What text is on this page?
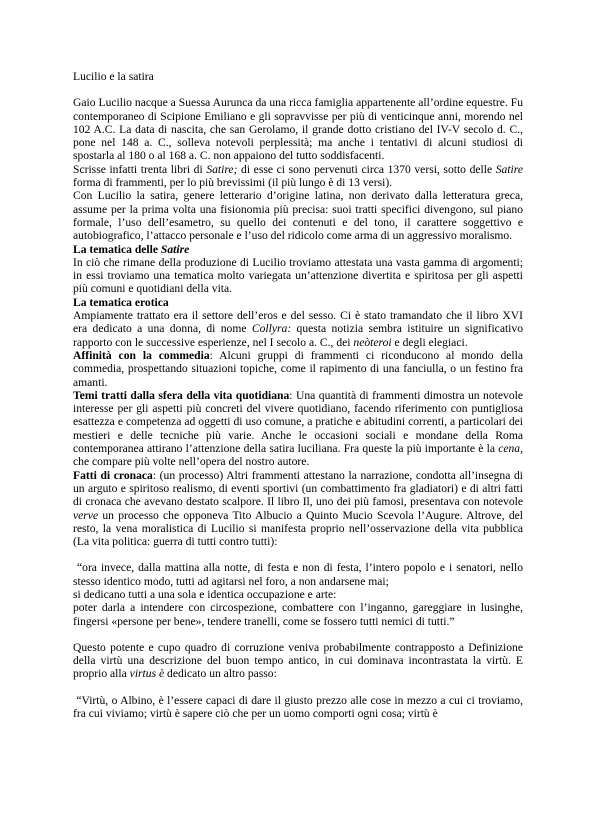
Lucilio e la satira

Gaio Lucilio nacque a Suessa Aurunca da una ricca famiglia appartenente all’ordine equestre. Fu contemporaneo di Scipione Emiliano e gli sopravvisse per più di venticinque anni, morendo nel 102 A.C. La data di nascita, che san Gerolamo, il grande dotto cristiano del IV-V secolo d. C., pone nel 148 a. C., solleva notevoli perplessità; ma anche i tentativi di alcuni studiosi di spostarla al 180 o al 168 a. C. non appaiono del tutto soddisfacenti.

Scrisse infatti trenta libri di Satire; di esse ci sono pervenuti circa 1370 versi, sotto delle Satire forma di frammenti, per lo più brevissimi (il più lungo è di 13 versi).

Con Lucilio la satira, genere letterario d’origine latina, non derivato dalla letteratura greca, assume per la prima volta una fisionomia più precisa: suoi tratti specifici divengono, sul piano formale, l’uso dell’esametro, su quello dei contenuti e del tono, il carattere soggettivo e autobiografico, l’attacco personale e l’uso del ridicolo come arma di un aggressivo moralismo.

La tematica delle Satire

In ciò che rimane della produzione di Lucilio troviamo attestata una vasta gamma di argomenti; in essi troviamo una tematica molto variegata un’attenzione divertita e spiritosa per gli aspetti più comuni e quotidiani della vita.

La tematica erotica

Ampiamente trattato era il settore dell’eros e del sesso. Ci è stato tramandato che il libro XVI era dedicato a una donna, di nome Collyra: questa notizia sembra istituire un significativo rapporto con le successive esperienze, nel I secolo a. C., dei neòteroi e degli elegiaci.

Affinità con la commedia: Alcuni gruppi di frammenti ci riconducono al mondo della commedia, prospettando situazioni topiche, come il rapimento di una fanciulla, o un festino fra amanti.

Temi tratti dalla sfera della vita quotidiana: Una quantità di frammenti dimostra un notevole interesse per gli aspetti più concreti del vivere quotidiano, facendo riferimento con puntigliosa esattezza e competenza ad oggetti di uso comune, a pratiche e abitudini correnti, a particolari dei mestieri e delle tecniche più varie. Anche le occasioni sociali e mondane della Roma contemporanea attirano l’attenzione della satira luciliana. Fra queste la più importante è la cena, che compare più volte nell’opera del nostro autore.

Fatti di cronaca: (un processo) Altri frammenti attestano la narrazione, condotta all’insegna di un arguto e spiritoso realismo, di eventi sportivi (un combattimento fra gladiatori) e di altri fatti di cronaca che avevano destato scalpore. Il libro Il, uno dei più famosi, presentava con notevole verve un processo che opponeva Tito Albucio a Quinto Mucio Scevola l’Augure. Altrove, del resto, la vena moralistica di Lucilio si manifesta proprio nell’osservazione della vita pubblica (La vita politica: guerra di tutti contro tutti):

“ora invece, dalla mattina alla notte, di festa e non di festa, l’intero popolo e i senatori, nello stesso identico modo, tutti ad agitarsi nel foro, a non andarsene mai;

si dedicano tutti a una sola e identica occupazione e arte:

poter darla a intendere con circospezione, combattere con l’inganno, gareggiare in lusinghe, fingersi «persone per bene», tendere tranelli, come se fossero tutti nemici di tutti.”

Questo potente e cupo quadro di corruzione veniva probabilmente contrapposto a Definizione della virtù una descrizione del buon tempo antico, in cui dominava incontrastata la virtù. E proprio alla virtus è dedicato un altro passo:

“Virtù, o Albino, è l’essere capaci di dare il giusto prezzo alle cose in mezzo a cui ci troviamo, fra cui viviamo; virtù è sapere ciò che per un uomo comporti ogni cosa; virtù è
